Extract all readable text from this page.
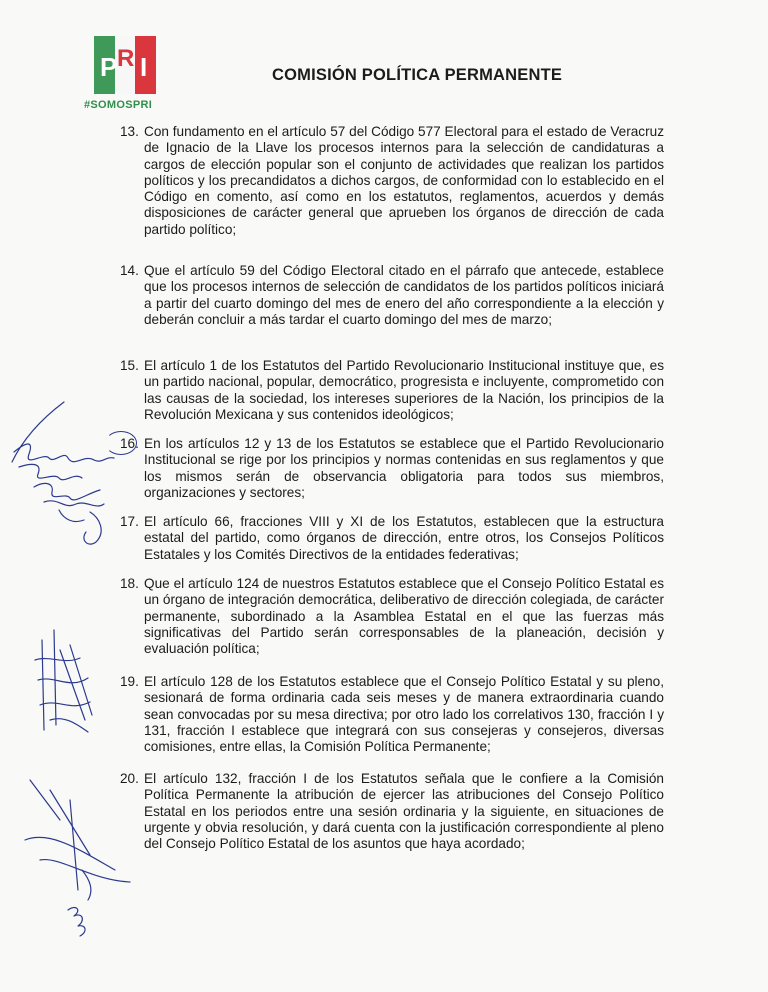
P R I
#SOMOSPRI
COMISIÓN POLÍTICA PERMANENTE
13. Con fundamento en el artículo 57 del Código 577 Electoral para el estado de Veracruz de Ignacio de la Llave los procesos internos para la selección de candidaturas a cargos de elección popular son el conjunto de actividades que realizan los partidos políticos y los precandidatos a dichos cargos, de conformidad con lo establecido en el Código en comento, así como en los estatutos, reglamentos, acuerdos y demás disposiciones de carácter general que aprueben los órganos de dirección de cada partido político;
14. Que el artículo 59 del Código Electoral citado en el párrafo que antecede, establece que los procesos internos de selección de candidatos de los partidos políticos iniciará a partir del cuarto domingo del mes de enero del año correspondiente a la elección y deberán concluir a más tardar el cuarto domingo del mes de marzo;
15. El artículo 1 de los Estatutos del Partido Revolucionario Institucional instituye que, es un partido nacional, popular, democrático, progresista e incluyente, comprometido con las causas de la sociedad, los intereses superiores de la Nación, los principios de la Revolución Mexicana y sus contenidos ideológicos;
16. En los artículos 12 y 13 de los Estatutos se establece que el Partido Revolucionario Institucional se rige por los principios y normas contenidas en sus reglamentos y que los mismos serán de observancia obligatoria para todos sus miembros, organizaciones y sectores;
17. El artículo 66, fracciones VIII y XI de los Estatutos, establecen que la estructura estatal del partido, como órganos de dirección, entre otros, los Consejos Políticos Estatales y los Comités Directivos de la entidades federativas;
18. Que el artículo 124 de nuestros Estatutos establece que el Consejo Político Estatal es un órgano de integración democrática, deliberativo de dirección colegiada, de carácter permanente, subordinado a la Asamblea Estatal en el que las fuerzas más significativas del Partido serán corresponsables de la planeación, decisión y evaluación política;
19. El artículo 128 de los Estatutos establece que el Consejo Político Estatal y su pleno, sesionará de forma ordinaria cada seis meses y de manera extraordinaria cuando sean convocadas por su mesa directiva; por otro lado los correlativos 130, fracción I y 131, fracción I establece que integrará con sus consejeras y consejeros, diversas comisiones, entre ellas, la Comisión Política Permanente;
20. El artículo 132, fracción I de los Estatutos señala que le confiere a la Comisión Política Permanente la atribución de ejercer las atribuciones del Consejo Político Estatal en los periodos entre una sesión ordinaria y la siguiente, en situaciones de urgente y obvia resolución, y dará cuenta con la justificación correspondiente al pleno del Consejo Político Estatal de los asuntos que haya acordado;
